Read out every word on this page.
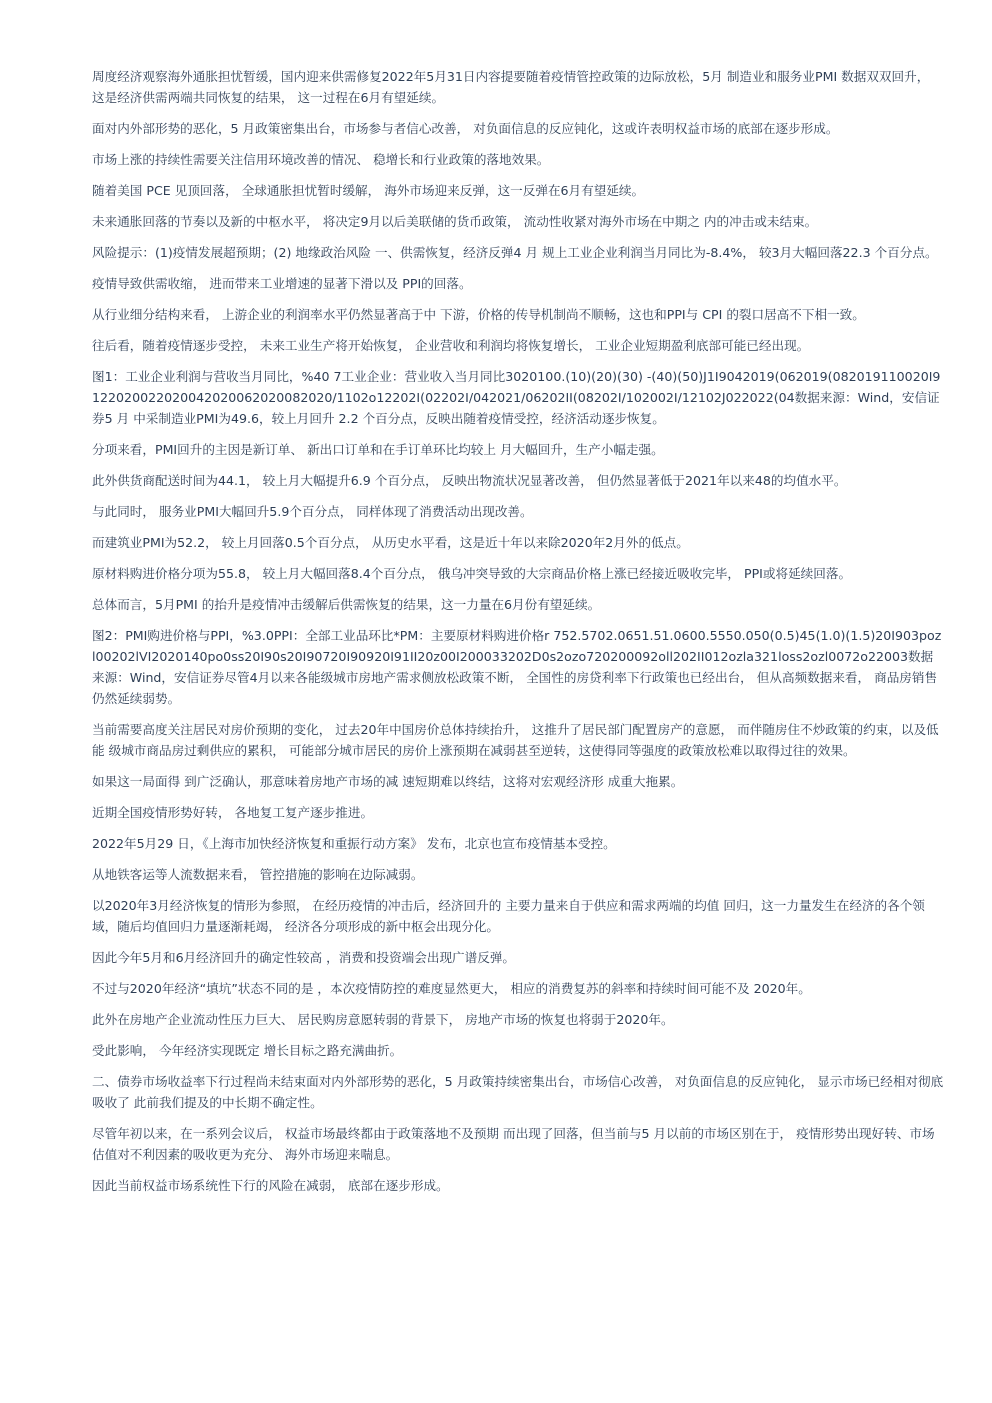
周度经济观察海外通胀担忧暂缓，国内迎来供需修复2022年5月31日内容提要随着疫情管控政策的边际放松，5月 制造业和服务业PMI 数据双双回升， 这是经济供需两端共同恢复的结果， 这一过程在6月有望延续。

面对内外部形势的恶化，5 月政策密集出台，市场参与者信心改善， 对负面信息的反应钝化，这或许表明权益市场的底部在逐步形成。

市场上涨的持续性需要关注信用环境改善的情况、 稳增长和行业政策的落地效果。

随着美国 PCE 见顶回落， 全球通胀担忧暂时缓解， 海外市场迎来反弹，这一反弹在6月有望延续。

未来通胀回落的节奏以及新的中枢水平， 将决定9月以后美联储的货币政策， 流动性收紧对海外市场在中期之 内的冲击或未结束。

风险提示：(1)疫情发展超预期；(2) 地缘政治风险 一、供需恢复，经济反弹4 月 规上工业企业利润当月同比为-8.4%， 较3月大幅回落22.3 个百分点。

疫情导致供需收缩， 进而带来工业增速的显著下滑以及 PPI的回落。

从行业细分结构来看， 上游企业的利润率水平仍然显著高于中 下游，价格的传导机制尚不顺畅，这也和PPI与 CPI 的裂口居高不下相一致。

往后看，随着疫情逐步受控， 未来工业生产将开始恢复， 企业营收和利润均将恢复增长， 工业企业短期盈利底部可能已经出现。

图1：工业企业利润与营收当月同比，%40 7工业企业：营业收入当月同比3020100.(10)(20)(30) -(40)(50)J1I9042019(062019(082019110020I9122020022020042020062020082020/1102o12202I(02202I/042021/06202II(08202I/102002I/12102J022022(04数据来源：Wind，安信证券5 月 中采制造业PMI为49.6，较上月回升 2.2 个百分点，反映出随着疫情受控，经济活动逐步恢复。

分项来看，PMI回升的主因是新订单、 新出口订单和在手订单环比均较上 月大幅回升，生产小幅走强。

此外供货商配送时间为44.1， 较上月大幅提升6.9 个百分点， 反映出物流状况显著改善， 但仍然显著低于2021年以来48的均值水平。

与此同时， 服务业PMI大幅回升5.9个百分点， 同样体现了消费活动出现改善。

而建筑业PMI为52.2， 较上月回落0.5个百分点， 从历史水平看，这是近十年以来除2020年2月外的低点。

原材料购进价格分项为55.8， 较上月大幅回落8.4个百分点， 俄乌冲突导致的大宗商品价格上涨已经接近吸收完毕， PPI或将延续回落。

总体而言，5月PMI 的抬升是疫情冲击缓解后供需恢复的结果，这一力量在6月份有望延续。

图2：PMI购进价格与PPI，%3.0PPI：全部工业品环比*PM：主要原材料购进价格r 752.5702.0651.51.0600.5550.050(0.5)45(1.0)(1.5)20I903pozl00202lVI2020140po0ss20I90s20I90720I90920I91II20z00I200033202D0s2ozo720200092oll202II012ozla321loss2ozl0072o22003数据来源：Wind，安信证券尽管4月以来各能级城市房地产需求侧放松政策不断， 全国性的房贷利率下行政策也已经出台， 但从高频数据来看， 商品房销售仍然延续弱势。

当前需要高度关注居民对房价预期的变化， 过去20年中国房价总体持续抬升， 这推升了居民部门配置房产的意愿， 而伴随房住不炒政策的约束，以及低能 级城市商品房过剩供应的累积， 可能部分城市居民的房价上涨预期在减弱甚至逆转，这使得同等强度的政策放松难以取得过往的效果。

如果这一局面得 到广泛确认，那意味着房地产市场的减 速短期难以终结，这将对宏观经济形 成重大拖累。

近期全国疫情形势好转， 各地复工复产逐步推进。

2022年5月29 日，《上海市加快经济恢复和重振行动方案》 发布，北京也宣布疫情基本受控。

从地铁客运等人流数据来看， 管控措施的影响在边际减弱。

以2020年3月经济恢复的情形为参照， 在经历疫情的冲击后，经济回升的 主要力量来自于供应和需求两端的均值 回归，这一力量发生在经济的各个领 域，随后均值回归力量逐渐耗竭， 经济各分项形成的新中枢会出现分化。

因此今年5月和6月经济回升的确定性较高 ，消费和投资端会出现广谱反弹。

不过与2020年经济“填坑”状态不同的是 ，本次疫情防控的难度显然更大， 相应的消费复苏的斜率和持续时间可能不及 2020年。

此外在房地产企业流动性压力巨大、 居民购房意愿转弱的背景下， 房地产市场的恢复也将弱于2020年。

受此影响， 今年经济实现既定 增长目标之路充满曲折。

二、债券市场收益率下行过程尚未结束面对内外部形势的恶化，5 月政策持续密集出台，市场信心改善， 对负面信息的反应钝化， 显示市场已经相对彻底吸收了 此前我们提及的中长期不确定性。

尽管年初以来，在一系列会议后， 权益市场最终都由于政策落地不及预期 而出现了回落，但当前与5 月以前的市场区别在于， 疫情形势出现好转、市场估值对不利因素的吸收更为充分、 海外市场迎来喘息。

因此当前权益市场系统性下行的风险在减弱， 底部在逐步形成。
